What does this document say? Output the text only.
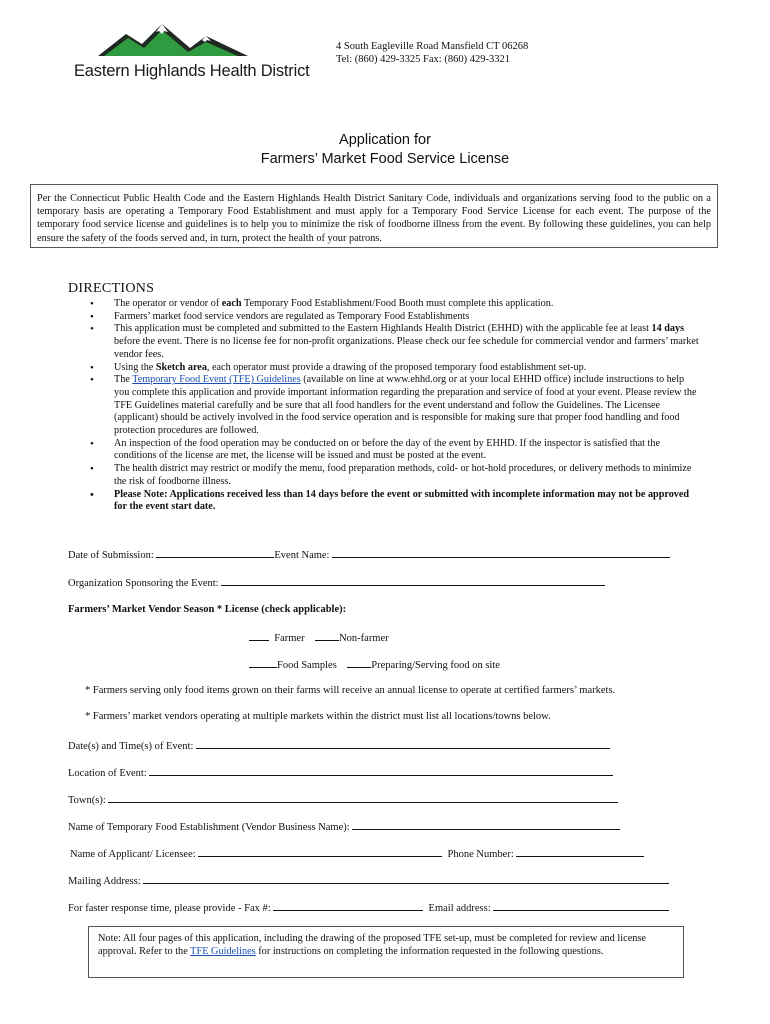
Eastern Highlands Health District
4 South Eagleville Road Mansfield CT 06268
Tel: (860) 429-3325 Fax: (860) 429-3321
Application for
Farmers’ Market Food Service License
Per the Connecticut Public Health Code and the Eastern Highlands Health District Sanitary Code, individuals and organizations serving food to the public on a temporary basis are operating a Temporary Food Establishment and must apply for a Temporary Food Service License for each event. The purpose of the temporary food service license and guidelines is to help you to minimize the risk of foodborne illness from the event. By following these guidelines, you can help ensure the safety of the foods served and, in turn, protect the health of your patrons.
DIRECTIONS
• The operator or vendor of each Temporary Food Establishment/Food Booth must complete this application.
• Farmers’ market food service vendors are regulated as Temporary Food Establishments
• This application must be completed and submitted to the Eastern Highlands Health District (EHHD) with the applicable fee at least 14 days before the event. There is no license fee for non-profit organizations. Please check our fee schedule for commercial vendor and farmers’ market vendor fees.
• Using the Sketch area, each operator must provide a drawing of the proposed temporary food establishment set-up.
• The Temporary Food Event (TFE) Guidelines (available on line at www.ehhd.org or at your local EHHD office) include instructions to help you complete this application and provide important information regarding the preparation and service of food at your event. Please review the TFE Guidelines material carefully and be sure that all food handlers for the event understand and follow the Guidelines. The Licensee (applicant) should be actively involved in the food service operation and is responsible for making sure that proper food handling and food protection procedures are followed.
• An inspection of the food operation may be conducted on or before the day of the event by EHHD. If the inspector is satisfied that the conditions of the license are met, the license will be issued and must be posted at the event.
• The health district may restrict or modify the menu, food preparation methods, cold- or hot-hold procedures, or delivery methods to minimize the risk of foodborne illness.
• Please Note: Applications received less than 14 days before the event or submitted with incomplete information may not be approved for the event start date.
Date of Submission:	Event Name:
Organization Sponsoring the Event:
Farmers’ Market Vendor Season * License (check applicable):
Farmer	Non-farmer
Food Samples	Preparing/Serving food on site
* Farmers serving only food items grown on their farms will receive an annual license to operate at certified farmers’ markets.
* Farmers’ market vendors operating at multiple markets within the district must list all locations/towns below.
Date(s) and Time(s) of Event:
Location of Event:
Town(s):
Name of Temporary Food Establishment (Vendor Business Name):
Name of Applicant/ Licensee:	Phone Number:
Mailing Address:
For faster response time, please provide - Fax #:	Email address:
Note: All four pages of this application, including the drawing of the proposed TFE set-up, must be completed for review and license approval. Refer to the TFE Guidelines for instructions on completing the information requested in the following questions.
